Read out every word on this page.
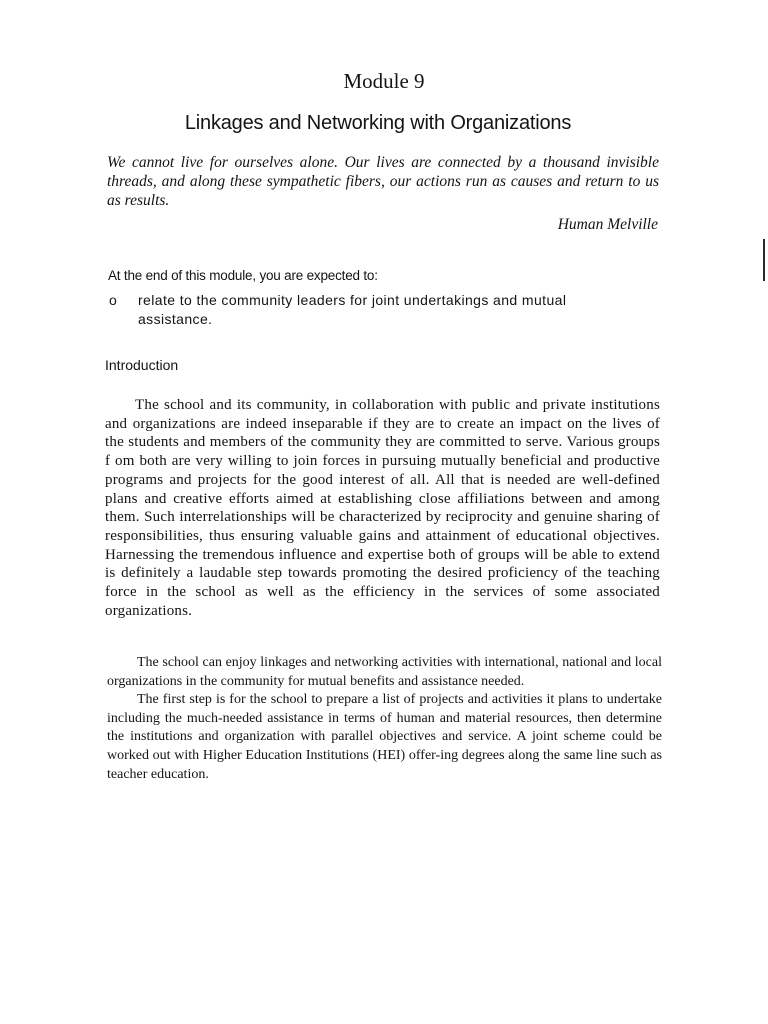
Module 9
Linkages and Networking with Organizations

We cannot live for ourselves alone. Our lives are connected by a thousand invisible threads, and along these sympathetic fibers, our actions run as causes and return to us as results.

Human Melville

At the end of this module, you are expected to:

o relate to the community leaders for joint undertakings and mutual assistance.
Introduction

The school and its community, in collaboration with public and private institutions and organizations are indeed inseparable if they are to create an impact on the lives of the students and members of the community they are committed to serve. Various groups f om both are very willing to join forces in pursuing mutually beneficial and productive programs and projects for the good interest of all. All that is needed are well-defined plans and creative efforts aimed at establishing close affiliations between and among them. Such interrelationships will be characterized by reciprocity and genuine sharing of responsibilities, thus ensuring valuable gains and attainment of educational objectives. Harnessing the tremendous influence and expertise both of groups will be able to extend is definitely a laudable step towards promoting the desired proficiency of the teaching force in the school as well as the efficiency in the services of some associated organizations.

The school can enjoy linkages and networking activities with international, national and local organizations in the community for mutual benefits and assistance needed.

The first step is for the school to prepare a list of projects and activities it plans to undertake including the much-needed assistance in terms of human and material resources, then determine the institutions and organization with parallel objectives and service. A joint scheme could be worked out with Higher Education Institutions (HEI) offer-ing degrees along the same line such as teacher education.
